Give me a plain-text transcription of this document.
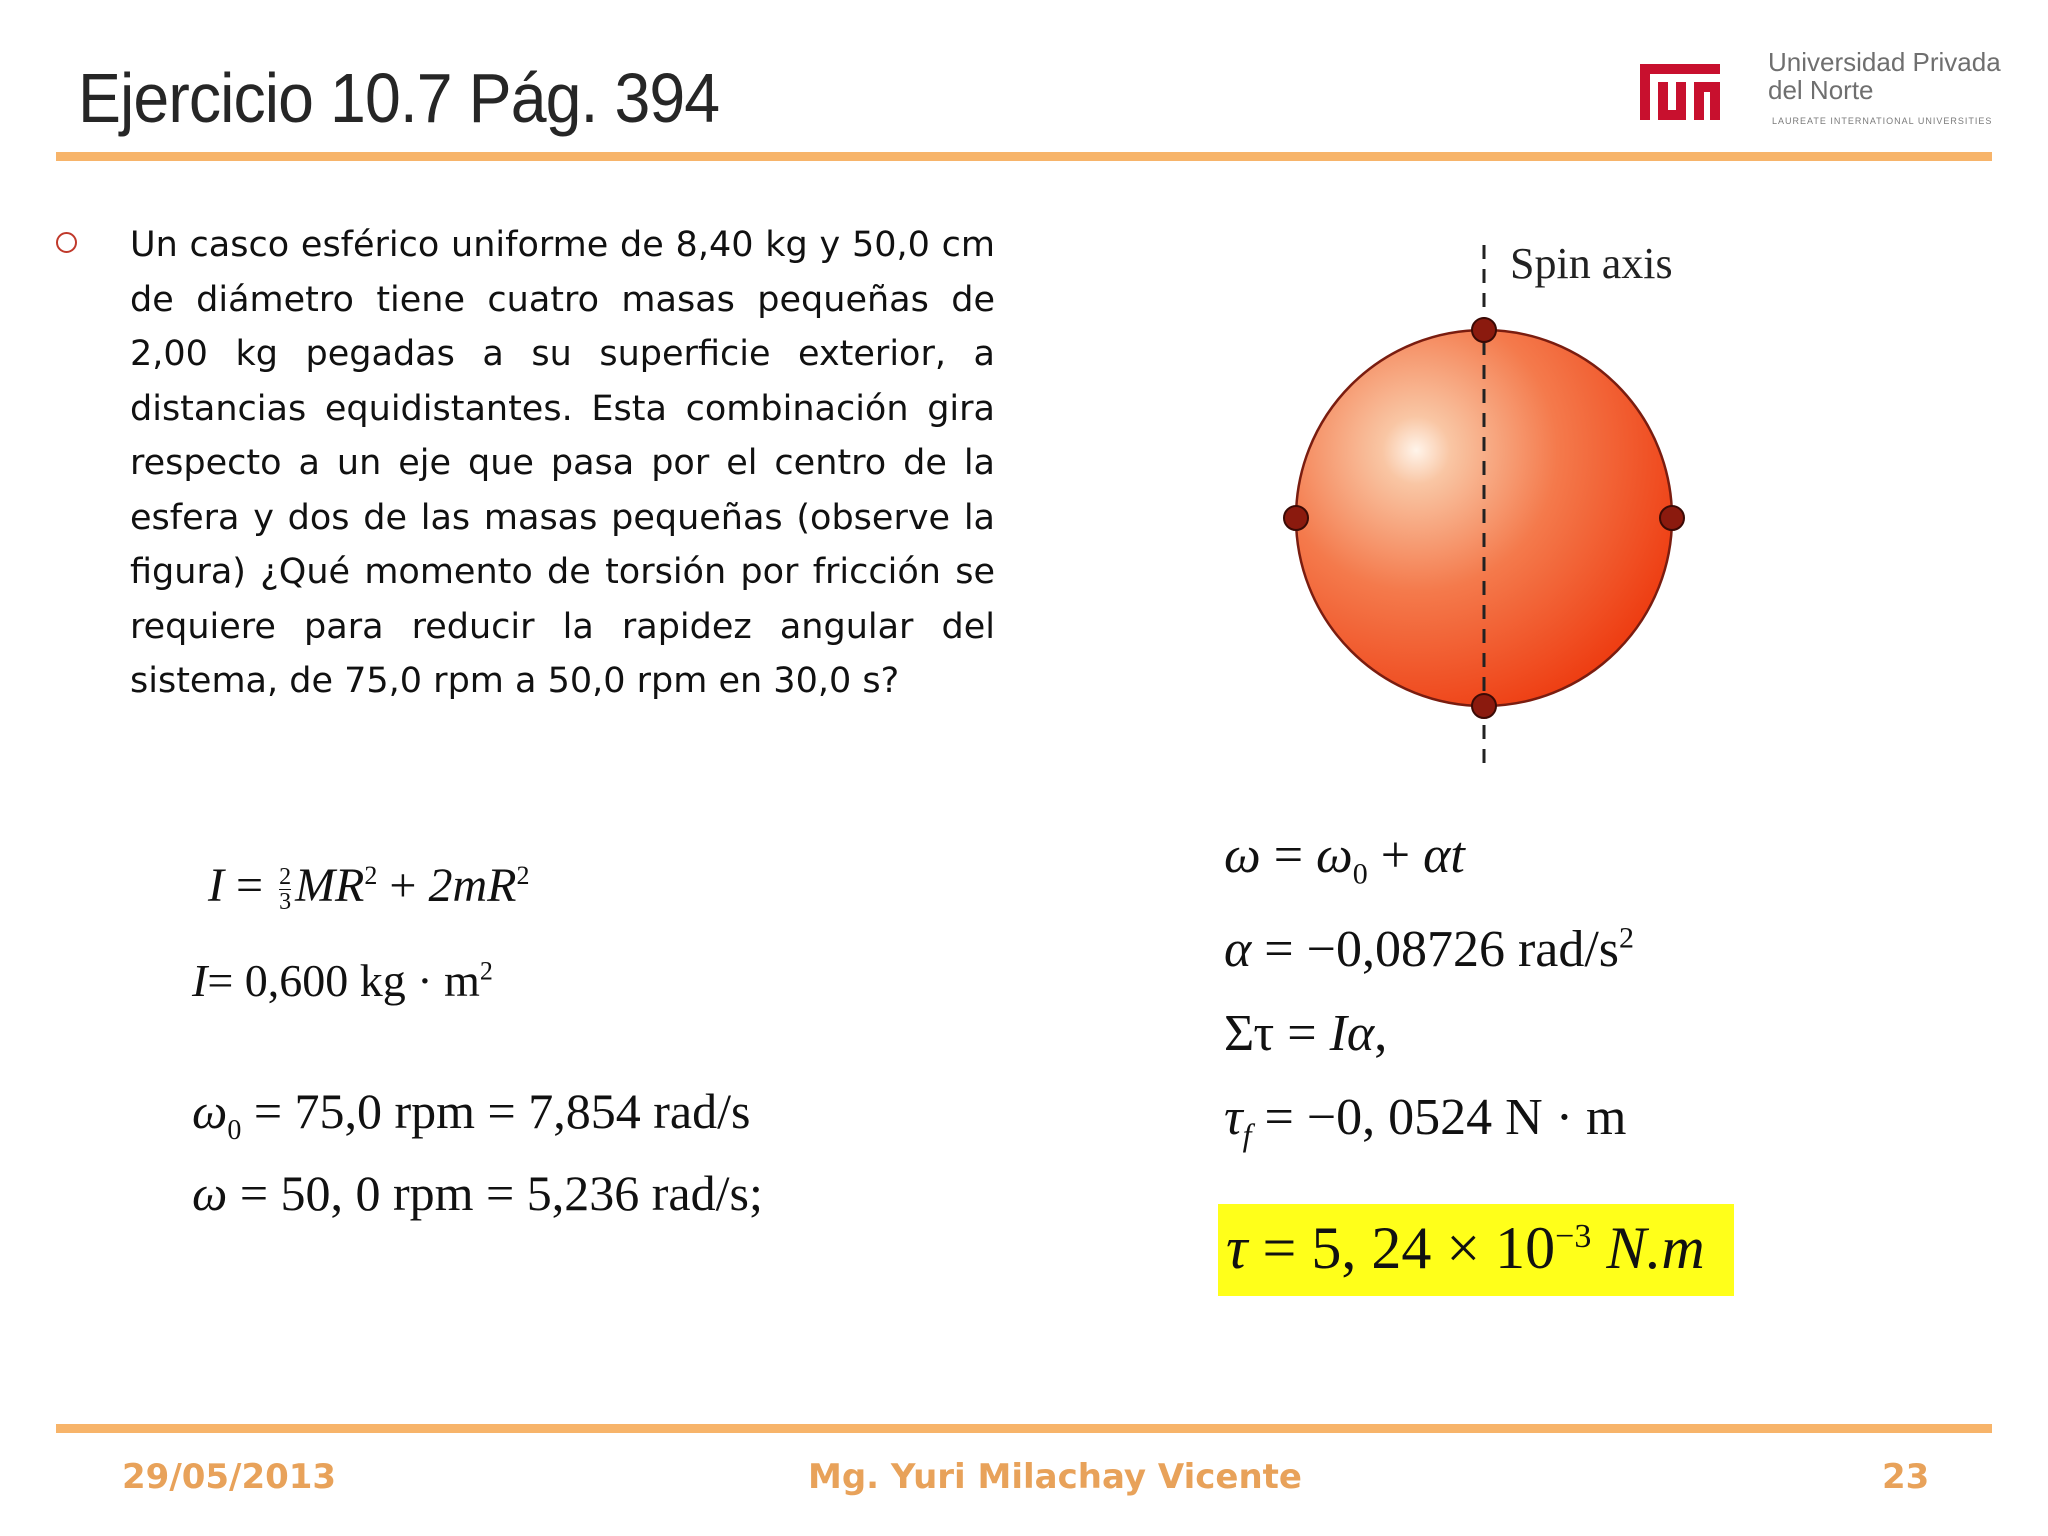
Ejercicio 10.7 Pág. 394	Universidad Privada
del Norte
LAUREATE INTERNATIONAL UNIVERSITIES
Un casco esférico uniforme de 8,40 kg y 50,0 cm de diámetro tiene cuatro masas pequeñas de 2,00 kg pegadas a su superficie exterior, a distancias equidistantes. Esta combinación gira respecto a un eje que pasa por el centro de la esfera y dos de las masas pequeñas (observe la figura) ¿Qué momento de torsión por fricción se requiere para reducir la rapidez angular del sistema, de 75,0 rpm a 50,0 rpm en 30,0 s?
Spin axis
$I = \frac{2}{3} MR^2 + 2mR^2$
I= 0,600 kg · $m^2$
$\omega_0 = 75,0$ rpm = 7,854 rad/s
ω = 50, 0 rpm = 5,236 rad/s;
$\omega = \omega_0 + \alpha t$
α = −0,08726 rad/$s^2$
Στ = Iα,
$\tau_f = -0$, 0524 N · m
τ = 5, $24 \times 10^{-3}$ N.m
29/05/2013	Mg. Yuri Milachay Vicente	23
